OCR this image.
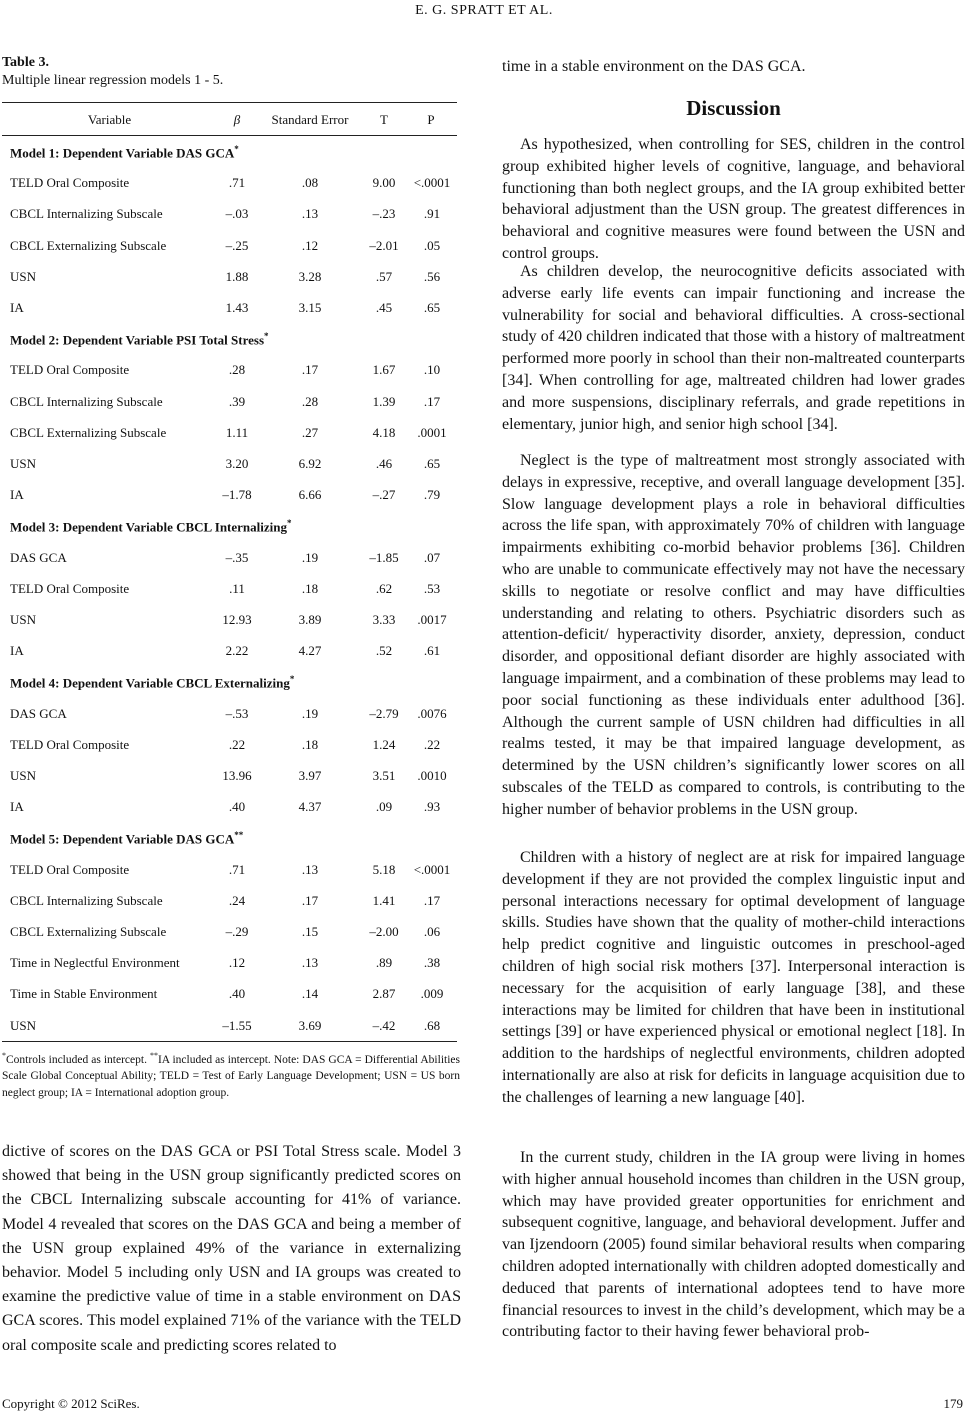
E. G. SPRATT ET AL.
Table 3.
Multiple linear regression models 1 - 5.
Variable	β	Standard Error	T	P
Model 1: Dependent Variable DAS GCA*
TELD Oral Composite	.71	.08	9.00	<.0001
CBCL Internalizing Subscale	–.03	.13	–.23	.91
CBCL Externalizing Subscale	–.25	.12	–2.01	.05
USN	1.88	3.28	.57	.56
IA	1.43	3.15	.45	.65
Model 2: Dependent Variable PSI Total Stress*
TELD Oral Composite	.28	.17	1.67	.10
CBCL Internalizing Subscale	.39	.28	1.39	.17
CBCL Externalizing Subscale	1.11	.27	4.18	.0001
USN	3.20	6.92	.46	.65
IA	–1.78	6.66	–.27	.79
Model 3: Dependent Variable CBCL Internalizing*
DAS GCA	–.35	.19	–1.85	.07
TELD Oral Composite	.11	.18	.62	.53
USN	12.93	3.89	3.33	.0017
IA	2.22	4.27	.52	.61
Model 4: Dependent Variable CBCL Externalizing*
DAS GCA	–.53	.19	–2.79	.0076
TELD Oral Composite	.22	.18	1.24	.22
USN	13.96	3.97	3.51	.0010
IA	.40	4.37	.09	.93
Model 5: Dependent Variable DAS GCA**
TELD Oral Composite	.71	.13	5.18	<.0001
CBCL Internalizing Subscale	.24	.17	1.41	.17
CBCL Externalizing Subscale	–.29	.15	–2.00	.06
Time in Neglectful Environment	.12	.13	.89	.38
Time in Stable Environment	.40	.14	2.87	.009
USN	–1.55	3.69	–.42	.68
*Controls included as intercept. **IA included as intercept. Note: DAS GCA = Differential Abilities Scale Global Conceptual Ability; TELD = Test of Early Language Development; USN = US born neglect group; IA = International adoption group.
dictive of scores on the DAS GCA or PSI Total Stress scale. Model 3 showed that being in the USN group significantly predicted scores on the CBCL Internalizing subscale accounting for 41% of variance. Model 4 revealed that scores on the DAS GCA and being a member of the USN group explained 49% of the variance in externalizing behavior. Model 5 including only USN and IA groups was created to examine the predictive value of time in a stable environment on DAS GCA scores. This model explained 71% of the variance with the TELD oral composite scale and predicting scores related to
time in a stable environment on the DAS GCA.
Discussion

As hypothesized, when controlling for SES, children in the control group exhibited higher levels of cognitive, language, and behavioral functioning than both neglect groups, and the IA group exhibited better behavioral adjustment than the USN group. The greatest differences in behavioral and cognitive measures were found between the USN and control groups.

As children develop, the neurocognitive deficits associated with adverse early life events can impair functioning and increase the vulnerability for social and behavioral difficulties. A cross-sectional study of 420 children indicated that those with a history of maltreatment performed more poorly in school than their non-maltreated counterparts [34]. When controlling for age, maltreated children had lower grades and more suspensions, disciplinary referrals, and grade repetitions in elementary, junior high, and senior high school [34].

Neglect is the type of maltreatment most strongly associated with delays in expressive, receptive, and overall language development [35]. Slow language development plays a role in behavioral difficulties across the life span, with approximately 70% of children with language impairments exhibiting co-morbid behavior problems [36]. Children who are unable to communicate effectively may not have the necessary skills to negotiate or resolve conflict and may have difficulties understanding and relating to others. Psychiatric disorders such as attention-deficit/ hyperactivity disorder, anxiety, depression, conduct disorder, and oppositional defiant disorder are highly associated with language impairment, and a combination of these problems may lead to poor social functioning as these individuals enter adulthood [36]. Although the current sample of USN children had difficulties in all realms tested, it may be that impaired language development, as determined by the USN children’s significantly lower scores on all subscales of the TELD as compared to controls, is contributing to the higher number of behavior problems in the USN group.

Children with a history of neglect are at risk for impaired language development if they are not provided the complex linguistic input and personal interactions necessary for optimal development of language skills. Studies have shown that the quality of mother-child interactions help predict cognitive and linguistic outcomes in preschool-aged children of high social risk mothers [37]. Interpersonal interaction is necessary for the acquisition of early language [38], and these interactions may be limited for children that have been in institutional settings [39] or have experienced physical or emotional neglect [18]. In addition to the hardships of neglectful environments, children adopted internationally are also at risk for deficits in language acquisition due to the challenges of learning a new language [40].

In the current study, children in the IA group were living in homes with higher annual household incomes than children in the USN group, which may have provided greater opportunities for enrichment and subsequent cognitive, language, and behavioral development. Juffer and van Ijzendoorn (2005) found similar behavioral results when comparing children adopted internationally with children adopted domestically and deduced that parents of international adoptees tend to have more financial resources to invest in the child’s development, which may be a contributing factor to their having fewer behavioral prob-

Copyright © 2012 SciRes.	179
